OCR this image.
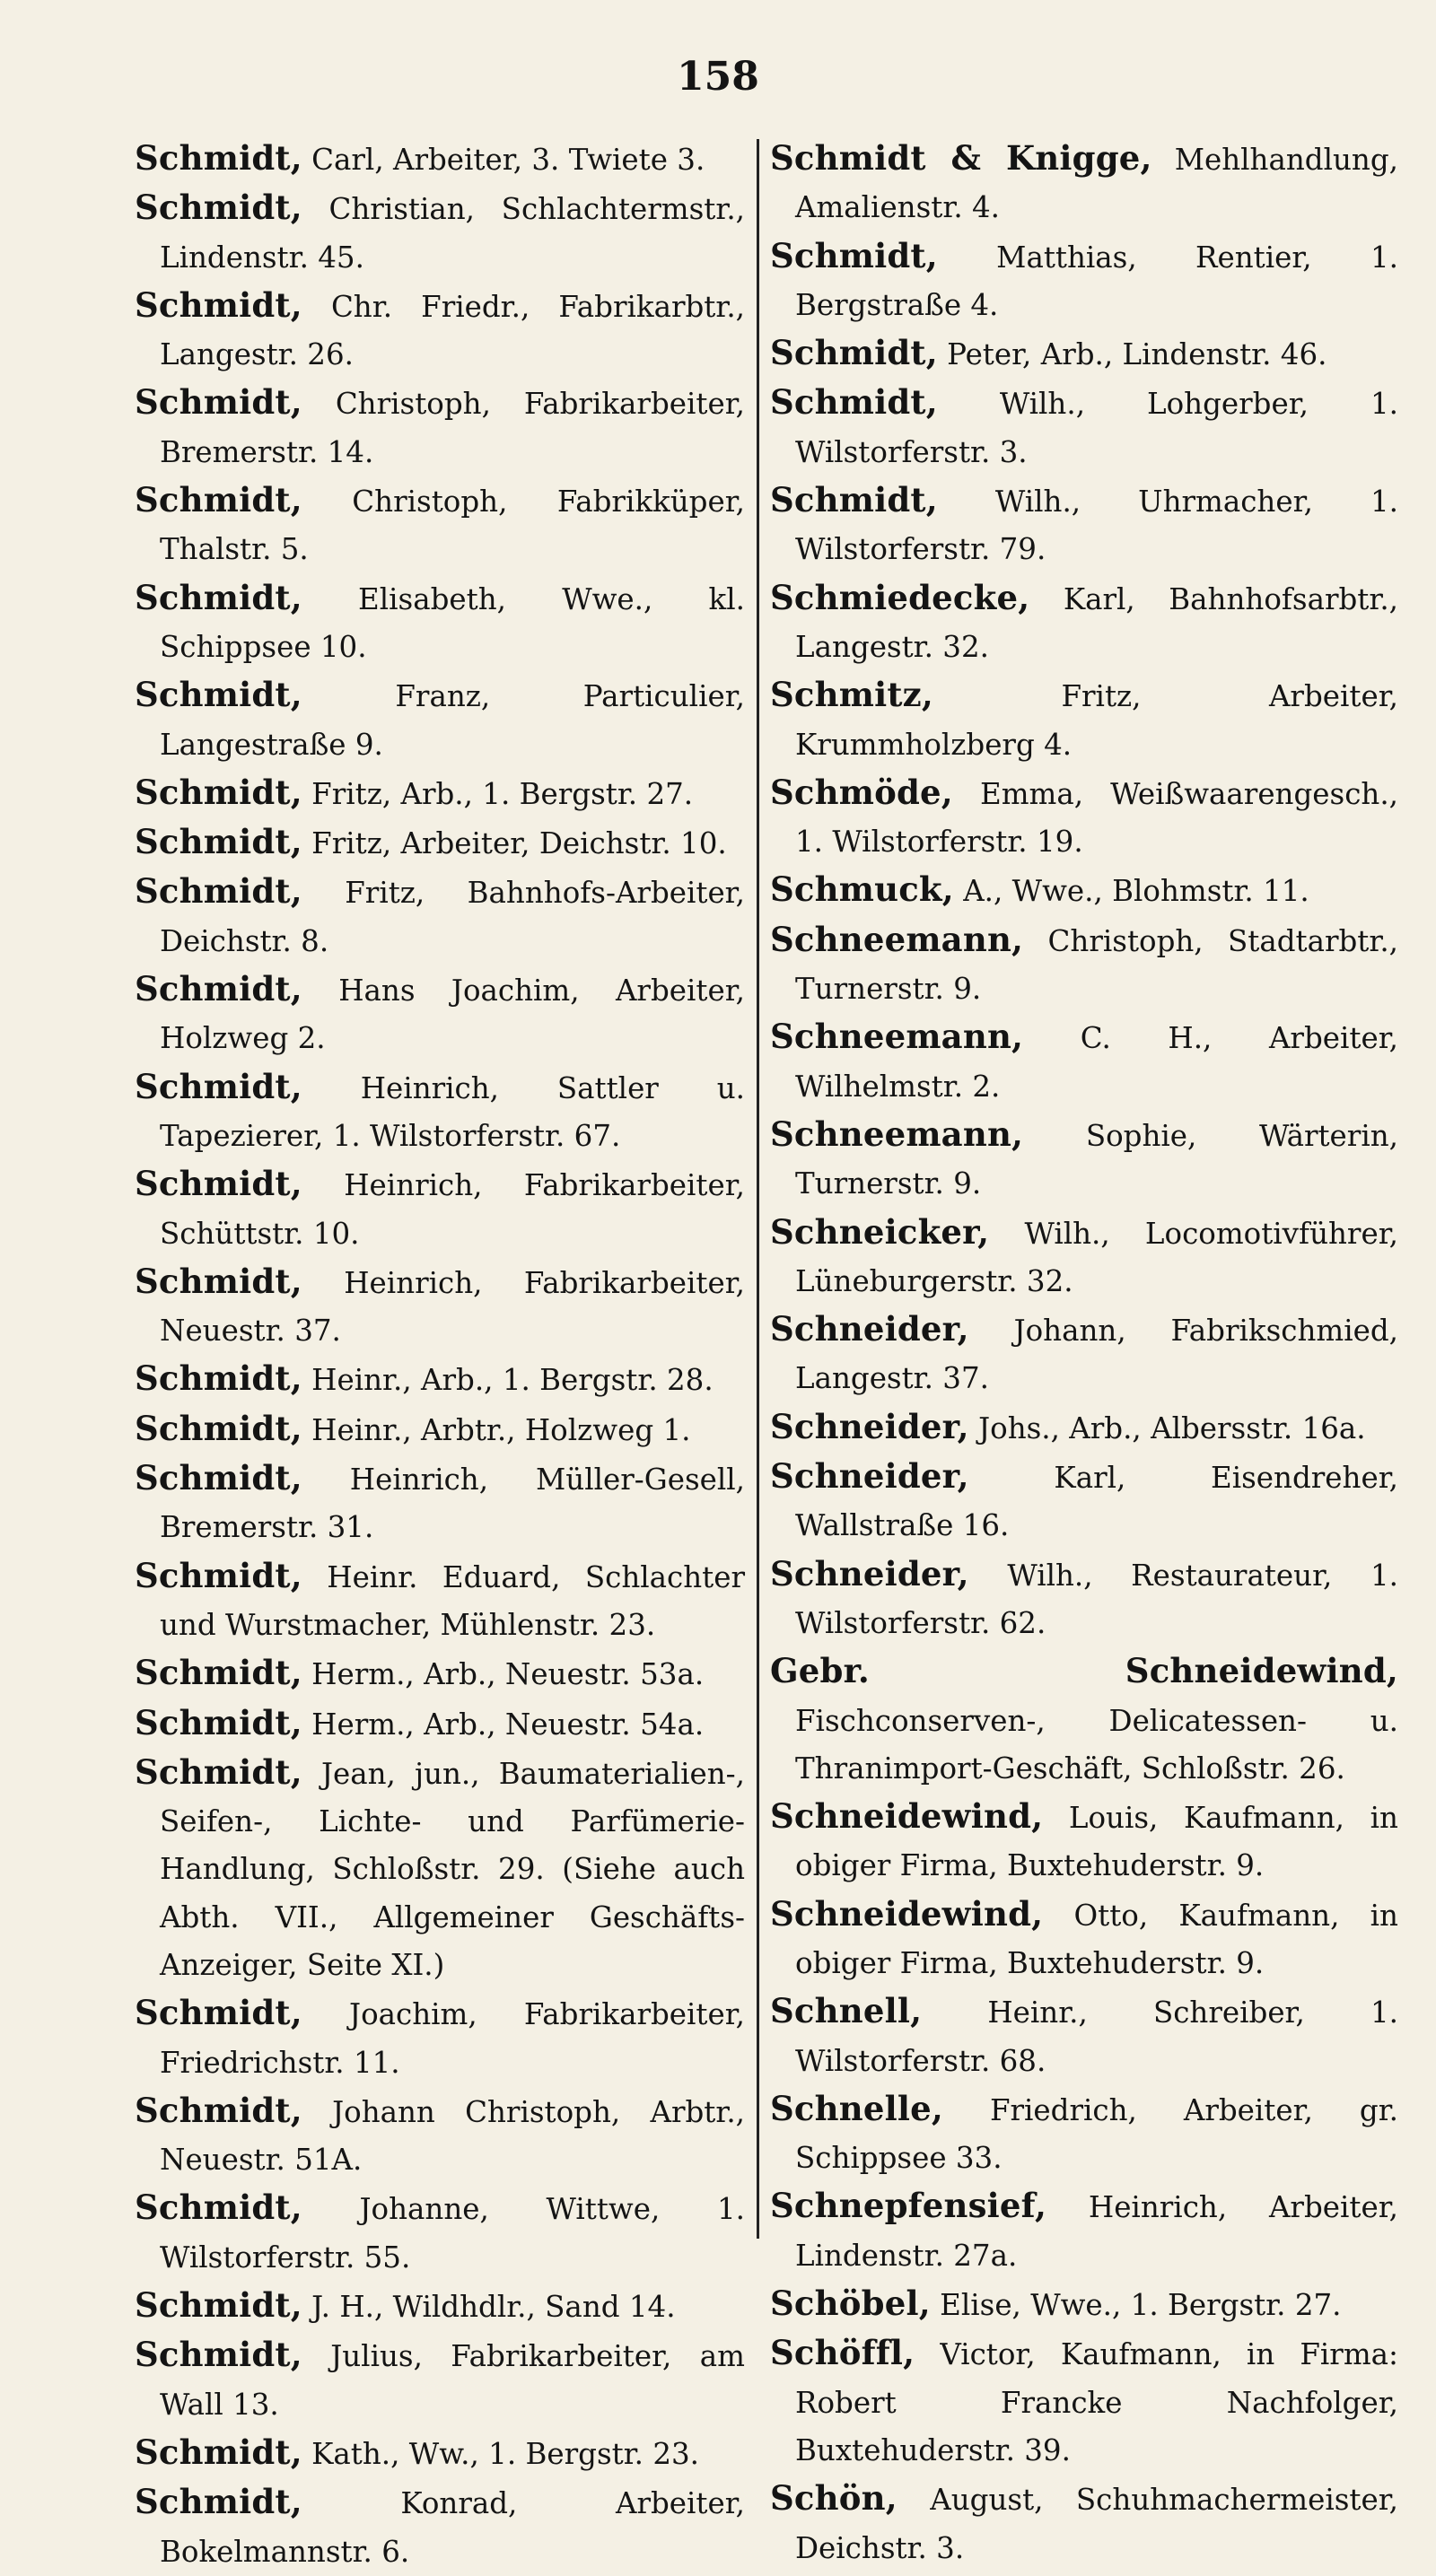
158
Schmidt, Carl, Arbeiter, 3. Twiete 3.
Schmidt, Christian, Schlachtermstr., Lindenstr. 45.
Schmidt, Chr. Friedr., Fabrikarbtr., Langestr. 26.
Schmidt, Christoph, Fabrikarbeiter, Bremerstr. 14.
Schmidt, Christoph, Fabrikküper, Thalstr. 5.
Schmidt, Elisabeth, Wwe., kl. Schippsee 10.
Schmidt,	Franz, Particulier, Langestraße 9.
Schmidt, Fritz, Arb., 1. Bergstr. 27.
Schmidt, Fritz, Arbeiter, Deichstr. 10.
Schmidt, Fritz, Bahnhofs-Arbeiter, Deichstr. 8.
Schmidt, Hans Joachim, Arbeiter, Holzweg 2.
Schmidt, Heinrich, Sattler u. Tapezierer, 1. Wilstorferstr. 67.
Schmidt, Heinrich, Fabrikarbeiter, Schüttstr. 10.
Schmidt, Heinrich, Fabrikarbeiter, Neuestr. 37.
Schmidt, Heinr., Arb., 1. Bergstr. 28.
Schmidt, Heinr., Arbtr., Holzweg 1.
Schmidt, Heinrich, Müller-Gesell, Bremerstr. 31.
Schmidt, Heinr. Eduard, Schlachter und Wurstmacher, Mühlenstr. 23.
Schmidt, Herm., Arb., Neuestr. 53a.
Schmidt, Herm., Arb., Neuestr. 54a.
Schmidt, Jean, jun., Baumaterialien-, Seifen-, Lichte- und Parfümerie-Handlung, Schloßstr. 29. (Siehe auch Abth. VII., Allgemeiner Geschäfts-Anzeiger, Seite XI.)
Schmidt, Joachim, Fabrikarbeiter, Friedrichstr. 11.
Schmidt, Johann Christoph, Arbtr., Neuestr. 51A.
Schmidt, Johanne, Wittwe, 1. Wilstorferstr. 55.
Schmidt, J. H., Wildhdlr., Sand 14.
Schmidt, Julius, Fabrikarbeiter, am Wall 13.
Schmidt, Kath., Ww., 1. Bergstr. 23.
Schmidt,	Konrad, Arbeiter, Bokelmannstr. 6.
Schmidt & Knigge, Mehlhandlung, Amalienstr. 4.
Schmidt, Matthias, Rentier, 1. Bergstraße 4.
Schmidt, Peter, Arb., Lindenstr. 46.
Schmidt, Wilh., Lohgerber, 1. Wilstorferstr. 3.
Schmidt, Wilh., Uhrmacher, 1. Wilstorferstr. 79.
Schmiedecke, Karl, Bahnhofsarbtr., Langestr. 32.
Schmitz,	Fritz, Arbeiter, Krummholzberg 4.
Schmöde, Emma, Weißwaarengesch., 1. Wilstorferstr. 19.
Schmuck, A., Wwe., Blohmstr. 11.
Schneemann, Christoph, Stadtarbtr., Turnerstr. 9.
Schneemann, C. H., Arbeiter, Wilhelmstr. 2.
Schneemann, Sophie, Wärterin, Turnerstr. 9.
Schneicker, Wilh., Locomotivführer, Lüneburgerstr. 32.
Schneider, Johann, Fabrikschmied, Langestr. 37.
Schneider, Johs., Arb., Albersstr. 16a.
Schneider,	Karl, Eisendreher, Wallstraße 16.
Schneider, Wilh., Restaurateur, 1. Wilstorferstr. 62.
Gebr. Schneidewind, Fischconserven-, Delicatessen- u. Thranimport-Geschäft, Schloßstr. 26.
Schneidewind, Louis, Kaufmann, in obiger Firma, Buxtehuderstr. 9.
Schneidewind, Otto, Kaufmann, in obiger Firma, Buxtehuderstr. 9.
Schnell, Heinr., Schreiber, 1. Wilstorferstr. 68.
Schnelle, Friedrich, Arbeiter, gr. Schippsee 33.
Schnepfensief, Heinrich, Arbeiter, Lindenstr. 27a.
Schöbel, Elise, Wwe., 1. Bergstr. 27.
Schöffl, Victor, Kaufmann, in Firma: Robert Francke Nachfolger, Buxtehuderstr. 39.
Schön, August, Schuhmachermeister, Deichstr. 3.
